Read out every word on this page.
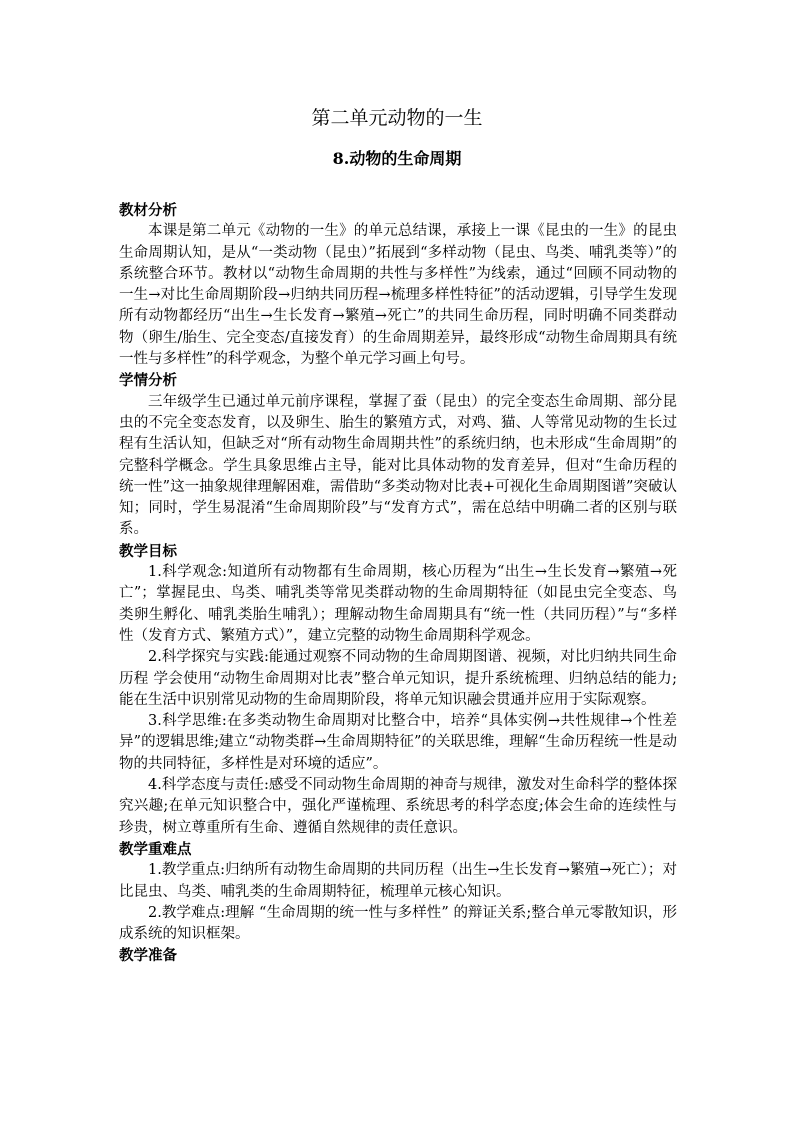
第二单元动物的一生
8.动物的生命周期

教材分析

本课是第二单元《动物的一生》的单元总结课，承接上一课《昆虫的一生》的昆虫生命周期认知，是从“一类动物（昆虫）”拓展到“多样动物（昆虫、鸟类、哺乳类等）”的系统整合环节。教材以“动物生命周期的共性与多样性”为线索，通过“回顾不同动物的一生→对比生命周期阶段→归纳共同历程→梳理多样性特征”的活动逻辑，引导学生发现所有动物都经历“出生→生长发育→繁殖→死亡”的共同生命历程，同时明确不同类群动物（卵生/胎生、完全变态/直接发育）的生命周期差异，最终形成“动物生命周期具有统一性与多样性”的科学观念，为整个单元学习画上句号。

学情分析

三年级学生已通过单元前序课程，掌握了蚕（昆虫）的完全变态生命周期、部分昆虫的不完全变态发育，以及卵生、胎生的繁殖方式，对鸡、猫、人等常见动物的生长过程有生活认知，但缺乏对“所有动物生命周期共性”的系统归纳，也未形成“生命周期”的完整科学概念。学生具象思维占主导，能对比具体动物的发育差异，但对“生命历程的统一性”这一抽象规律理解困难，需借助“多类动物对比表+可视化生命周期图谱”突破认知；同时，学生易混淆“生命周期阶段”与“发育方式”，需在总结中明确二者的区别与联系。

教学目标

1.科学观念:知道所有动物都有生命周期，核心历程为“出生→生长发育→繁殖→死亡”；掌握昆虫、鸟类、哺乳类等常见类群动物的生命周期特征（如昆虫完全变态、鸟类卵生孵化、哺乳类胎生哺乳）；理解动物生命周期具有“统一性（共同历程）”与“多样性（发育方式、繁殖方式）”，建立完整的动物生命周期科学观念。

2.科学探究与实践:能通过观察不同动物的生命周期图谱、视频，对比归纳共同生命历程 学会使用“动物生命周期对比表”整合单元知识，提升系统梳理、归纳总结的能力;能在生活中识别常见动物的生命周期阶段，将单元知识融会贯通并应用于实际观察。

3.科学思维:在多类动物生命周期对比整合中，培养“具体实例→共性规律→个性差异”的逻辑思维;建立“动物类群→生命周期特征”的关联思维，理解“生命历程统一性是动物的共同特征，多样性是对环境的适应”。

4.科学态度与责任:感受不同动物生命周期的神奇与规律，激发对生命科学的整体探究兴趣;在单元知识整合中，强化严谨梳理、系统思考的科学态度;体会生命的连续性与珍贵，树立尊重所有生命、遵循自然规律的责任意识。

教学重难点

1.教学重点:归纳所有动物生命周期的共同历程（出生→生长发育→繁殖→死亡）；对比昆虫、鸟类、哺乳类的生命周期特征，梳理单元核心知识。

2.教学难点:理解 “生命周期的统一性与多样性” 的辩证关系;整合单元零散知识，形成系统的知识框架。

教学准备
